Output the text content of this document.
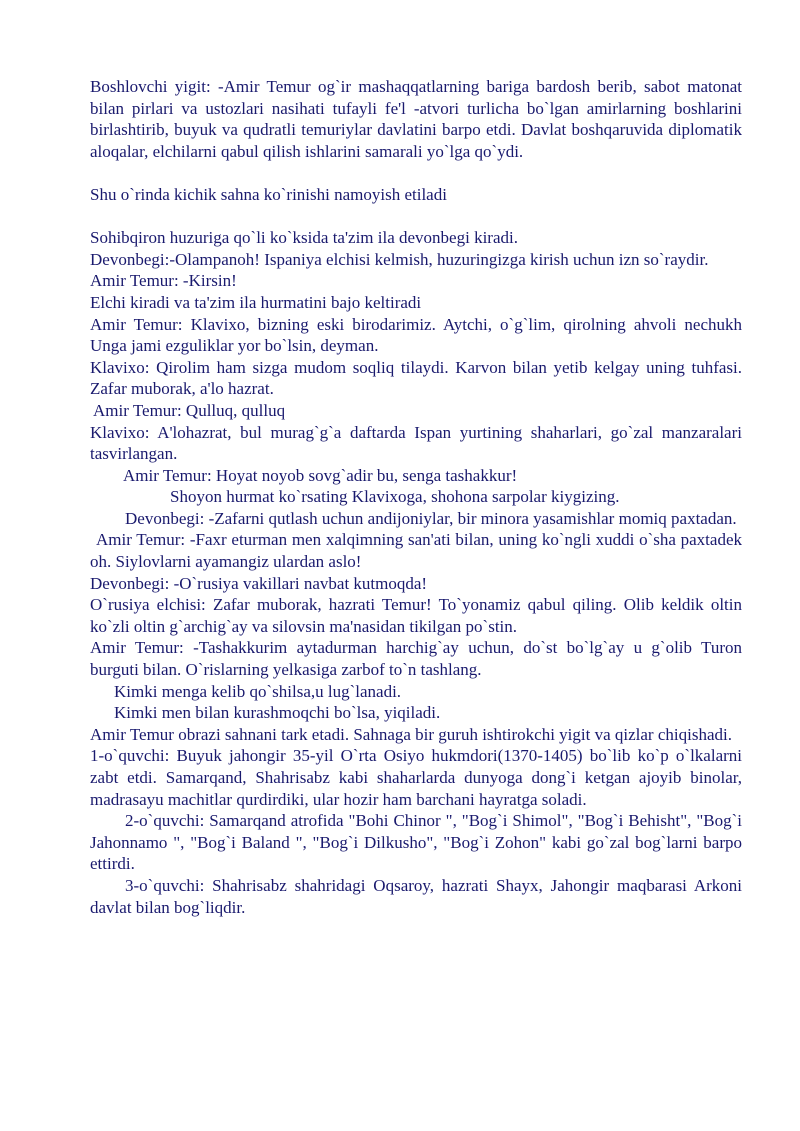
Boshlovchi yigit: -Amir Temur og`ir mashaqqatlarning bariga bardosh berib, sabot matonat bilan pirlari va ustozlari nasihati tufayli fe'l -atvori turlicha bo`lgan amirlarning boshlarini birlashtirib, buyuk va qudratli temuriylar davlatini barpo etdi. Davlat boshqaruvida diplomatik aloqalar, elchilarni qabul qilish ishlarini samarali yo`lga qo`ydi.

Shu o`rinda kichik sahna ko`rinishi namoyish etiladi

Sohibqiron huzuriga qo`li ko`ksida ta'zim ila devonbegi kiradi.

Devonbegi:-Olampanoh! Ispaniya elchisi kelmish, huzuringizga kirish uchun izn so`raydir.

Amir Temur: -Kirsin!

Elchi kiradi va ta'zim ila hurmatini bajo keltiradi

Amir Temur: Klavixo, bizning eski birodarimiz. Aytchi, o`g`lim, qirolning ahvoli nechukh Unga jami ezguliklar yor bo`lsin, deyman.

Klavixo: Qirolim ham sizga mudom soqliq tilaydi. Karvon bilan yetib kelgay uning tuhfasi. Zafar muborak, a'lo hazrat.

Amir Temur: Qulluq, qulluq

Klavixo: A'lohazrat, bul murag`g`a daftarda Ispan yurtining shaharlari, go`zal manzaralari tasvirlangan.

Amir Temur: Hoyat noyob sovg`adir bu, senga tashakkur!

Shoyon hurmat ko`rsating Klavixoga, shohona sarpolar kiygizing.

Devonbegi: -Zafarni qutlash uchun andijoniylar, bir minora yasamishlar momiq paxtadan.

Amir Temur: -Faxr eturman men xalqimning san'ati bilan, uning ko`ngli xuddi o`sha paxtadek oh. Siylovlarni ayamangiz ulardan aslo!

Devonbegi: -O`rusiya vakillari navbat kutmoqda!

O`rusiya elchisi: Zafar muborak, hazrati Temur! To`yonamiz qabul qiling. Olib keldik oltin ko`zli oltin g`archig`ay va silovsin ma'nasidan tikilgan po`stin.

Amir Temur: -Tashakkurim aytadurman harchig`ay uchun, do`st bo`lg`ay u g`olib Turon burguti bilan. O`rislarning yelkasiga zarbof to`n tashlang.

Kimki menga kelib qo`shilsa,u lug`lanadi.

Kimki men bilan kurashmoqchi bo`lsa, yiqiladi.

Amir Temur obrazi sahnani tark etadi. Sahnaga bir guruh ishtirokchi yigit va qizlar chiqishadi.

1-o`quvchi: Buyuk jahongir 35-yil O`rta Osiyo hukmdori(1370-1405) bo`lib ko`p o`lkalarni zabt etdi. Samarqand, Shahrisabz kabi shaharlarda dunyoga dong`i ketgan ajoyib binolar, madrasayu machitlar qurdirdiki, ular hozir ham barchani hayratga soladi.

2-o`quvchi: Samarqand atrofida "Bohi Chinor ", "Bog`i Shimol", "Bog`i Behisht", "Bog`i Jahonnamo ", "Bog`i Baland ", "Bog`i Dilkusho", "Bog`i Zohon" kabi go`zal bog`larni barpo ettirdi.

3-o`quvchi: Shahrisabz shahridagi Oqsaroy, hazrati Shayx, Jahongir maqbarasi Arkoni davlat bilan bog`liqdir.
